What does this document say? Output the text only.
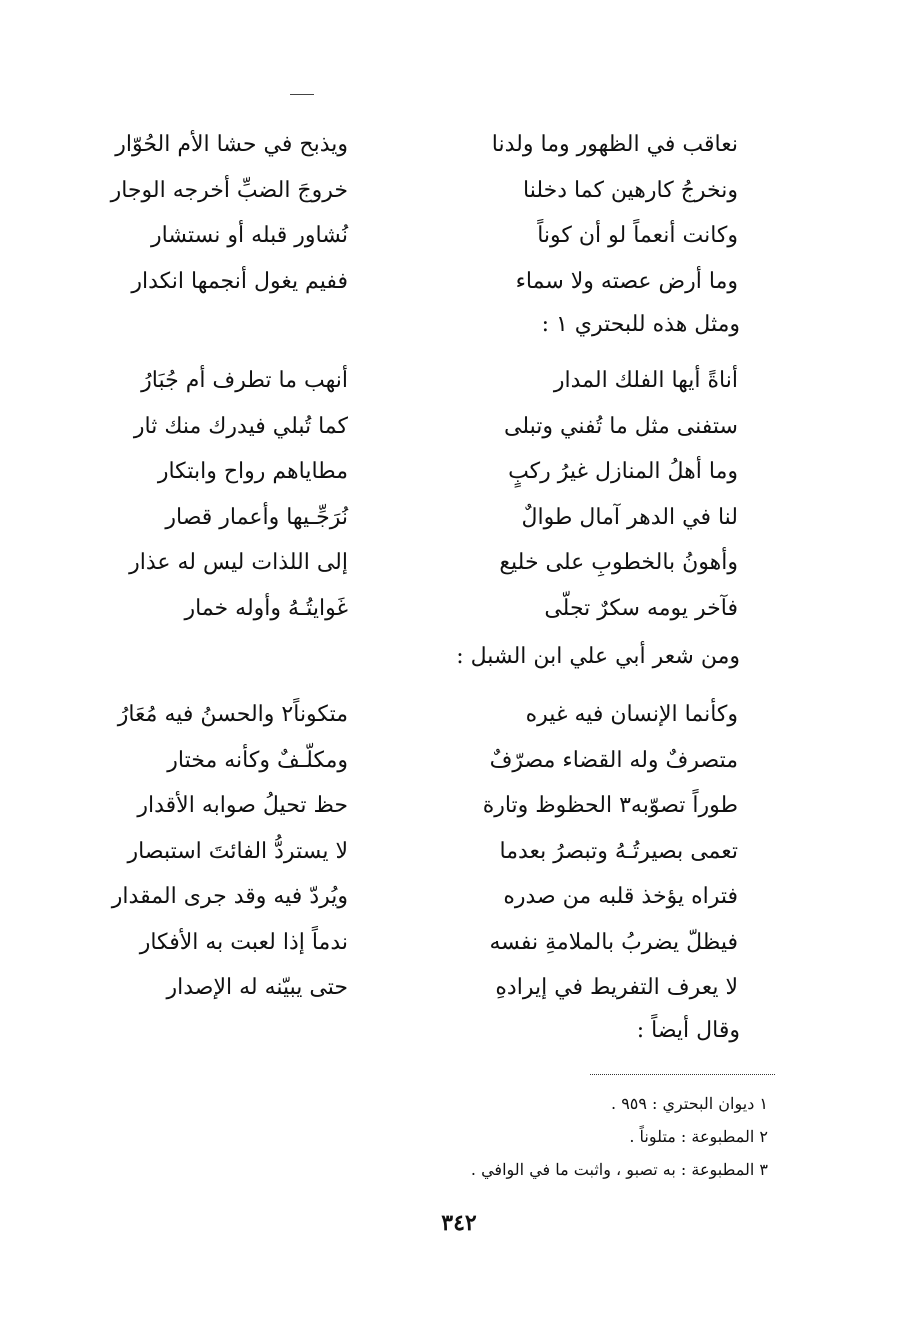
نعاقب في الظهور وما ولدنا
ويذبح في حشا الأم الحُوّار
ونخرجُ كارهين كما دخلنا
خروجَ الضبِّ أخرجه الوجار
وكانت أنعماً لو أن كوناً
نُشاور قبله أو نستشار
وما أرض عصته ولا سماء
ففيم يغول أنجمها انكدار
ومثل هذه للبحتري ١ :
أناةً أيها الفلك المدار
أنهب ما تطرف أم جُبَارُ
ستفنى مثل ما تُفني وتبلى
كما تُبلي فيدرك منك ثار
وما أهلُ المنازل غيرُ ركبٍ
مطاياهم رواح وابتكار
لنا في الدهر آمال طوالٌ
نُرَجِّـيها وأعمار قصار
وأهونُ بالخطوبِ على خليع
إلى اللذات ليس له عذار
فآخر يومه سكرٌ تجلّى
غَوايتُـهُ وأوله خمار
ومن شعر أبي علي ابن الشبل :
وكأنما الإنسان فيه غيره
متكوناً٢ والحسنُ فيه مُعَارُ
متصرفٌ وله القضاء مصرّفٌ
ومكلّـفٌ وكأنه مختار
طوراً تصوّبه٣ الحظوظ وتارة
حظ تحيلُ صوابه الأقدار
تعمى بصيرتُـهُ وتبصرُ بعدما
لا يستردُّ الفائتَ استبصار
فتراه يؤخذ قلبه من صدره
ويُردّ فيه وقد جرى المقدار
فيظلّ يضربُ بالملامةِ نفسه
ندماً إذا لعبت به الأفكار
لا يعرف التفريط في إيرادهِ
حتى يبيّنه له الإصدار
وقال أيضاً :
١ ديوان البحتري : ٩٥٩ .
٢ المطبوعة : متلوناً .
٣ المطبوعة : به تصبو ، واثبت ما في الوافي .
٣٤٢
